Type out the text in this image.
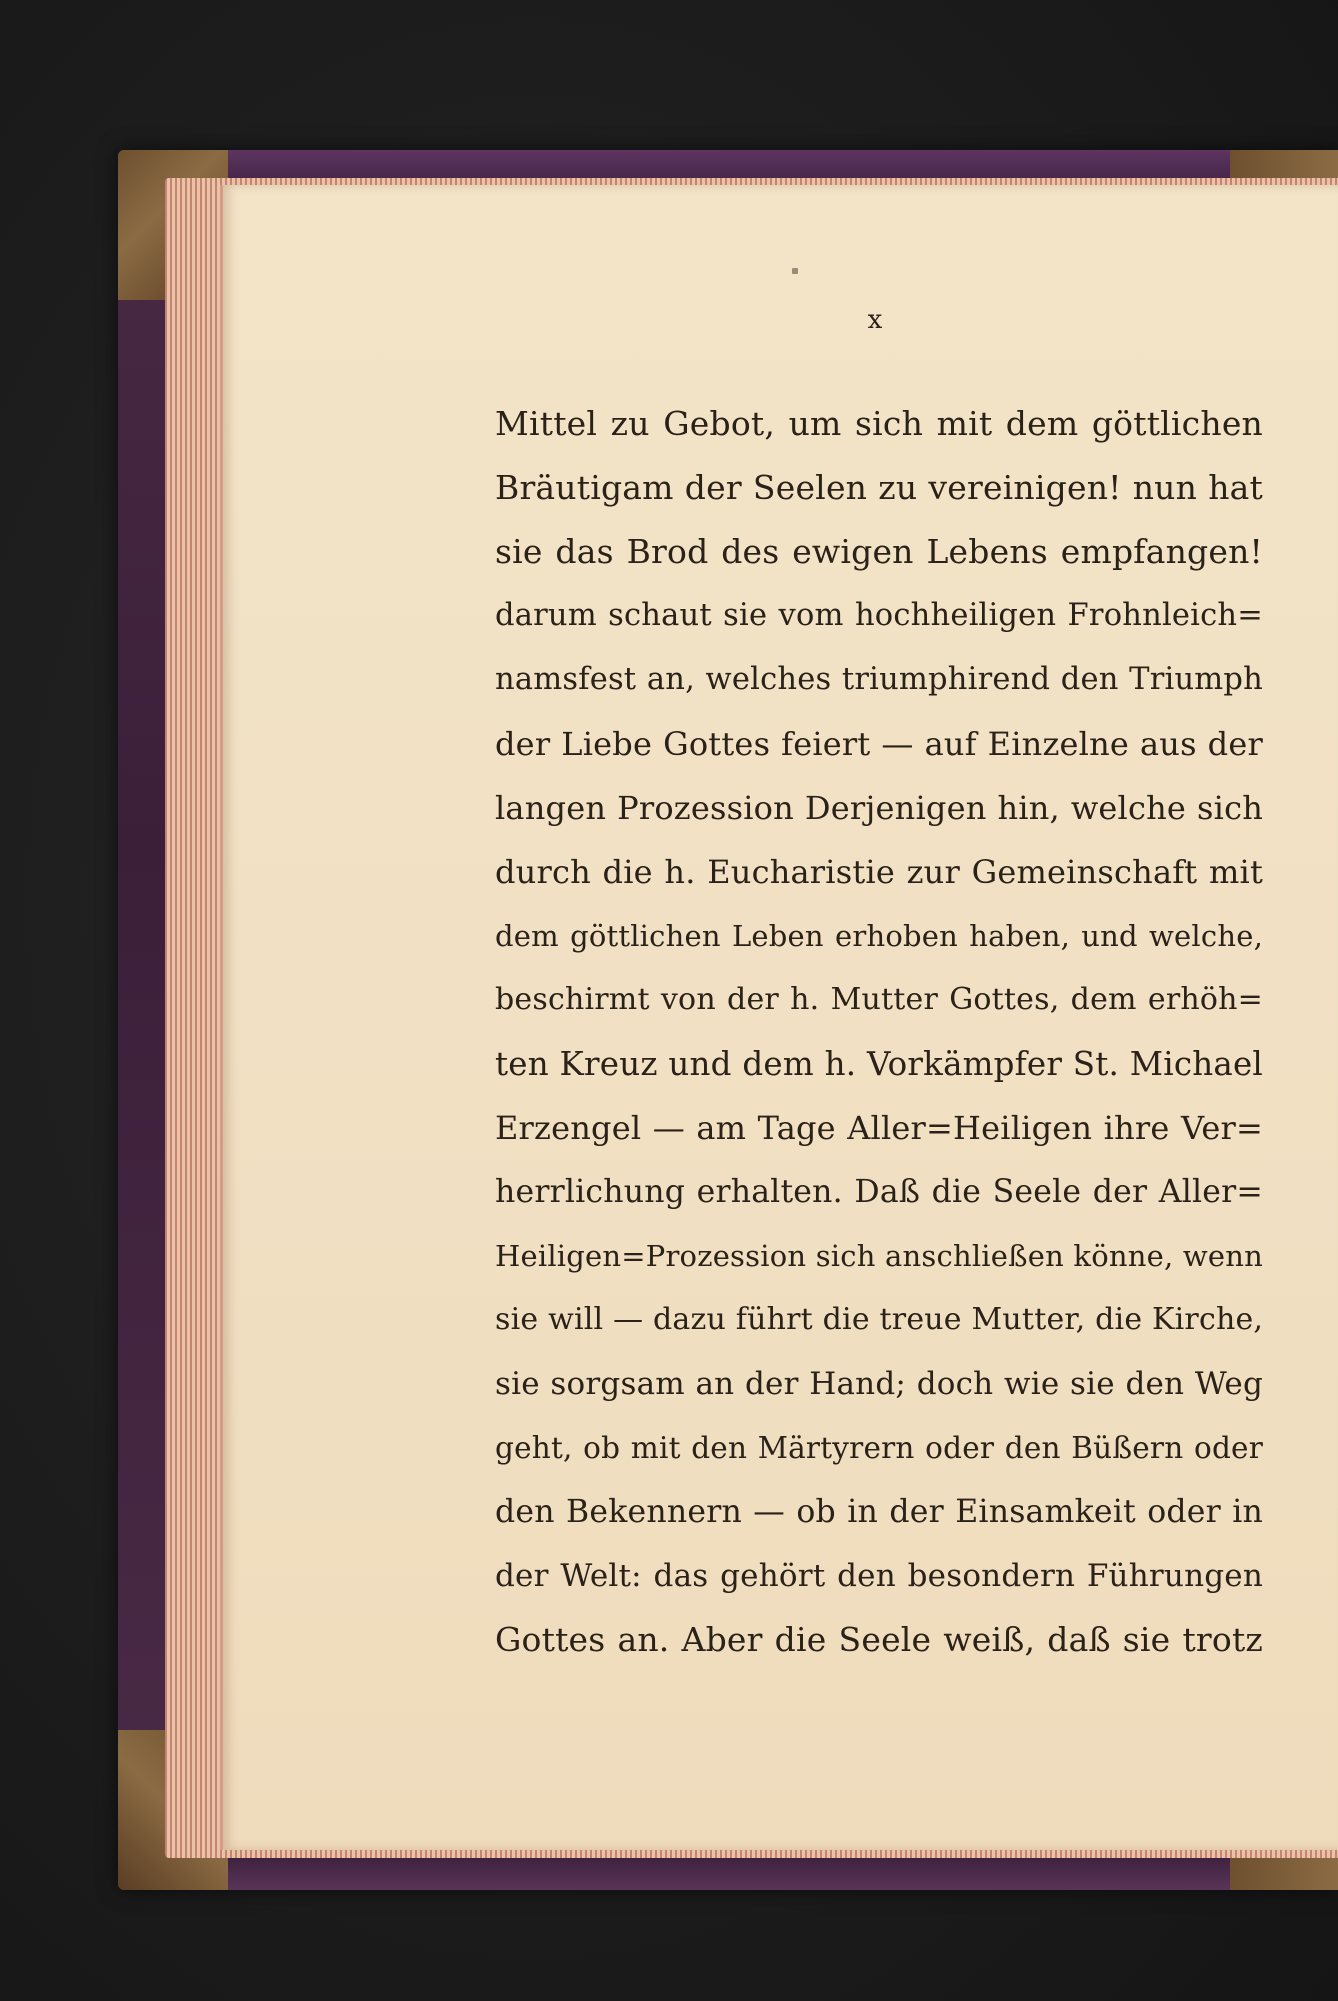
x
Mittel zu Gebot, um sich mit dem göttlichen
Bräutigam der Seelen zu vereinigen! nun hat
sie das Brod des ewigen Lebens empfangen!
darum schaut sie vom hochheiligen Frohnleich=
namsfest an, welches triumphirend den Triumph
der Liebe Gottes feiert — auf Einzelne aus der
langen Prozession Derjenigen hin, welche sich
durch die h. Eucharistie zur Gemeinschaft mit
dem göttlichen Leben erhoben haben, und welche,
beschirmt von der h. Mutter Gottes, dem erhöh=
ten Kreuz und dem h. Vorkämpfer St. Michael
Erzengel — am Tage Aller=Heiligen ihre Ver=
herrlichung erhalten. Daß die Seele der Aller=
Heiligen=Prozession sich anschließen könne, wenn
sie will — dazu führt die treue Mutter, die Kirche,
sie sorgsam an der Hand; doch wie sie den Weg
geht, ob mit den Märtyrern oder den Büßern oder
den Bekennern — ob in der Einsamkeit oder in
der Welt: das gehört den besondern Führungen
Gottes an. Aber die Seele weiß, daß sie trotz
